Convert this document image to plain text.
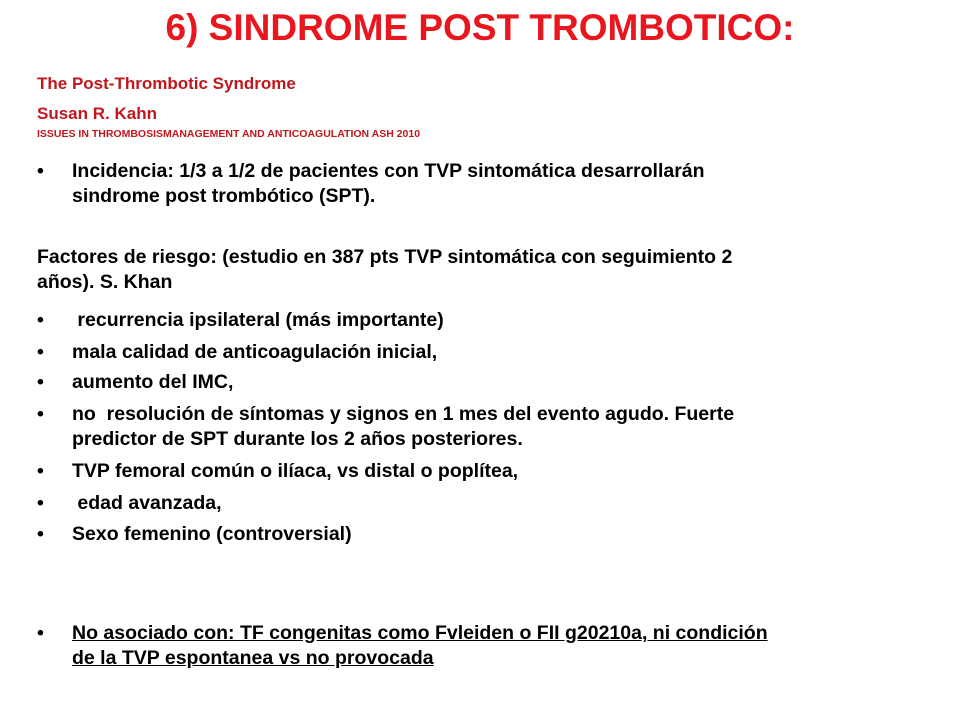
6) SINDROME POST TROMBOTICO:
The Post-Thrombotic Syndrome
Susan R. Kahn
ISSUES IN THROMBOSISMANAGEMENT AND ANTICOAGULATION ASH 2010
•	Incidencia: 1/3 a 1/2 de pacientes con TVP sintomática desarrollarán
sindrome post trombótico (SPT).
Factores de riesgo: (estudio en 387 pts TVP sintomática con seguimiento 2
años). S. Khan
•	recurrencia ipsilateral (más importante)
•	mala calidad de anticoagulación inicial,
•	aumento del IMC,
•	no  resolución de síntomas y signos en 1 mes del evento agudo. Fuerte
predictor de SPT durante los 2 años posteriores.
•	TVP femoral común o ilíaca, vs distal o poplítea,
•	edad avanzada,
•	Sexo femenino (controversial)
•	No asociado con: TF congenitas como Fvleiden o FII g20210a, ni condición
de la TVP espontanea vs no provocada
